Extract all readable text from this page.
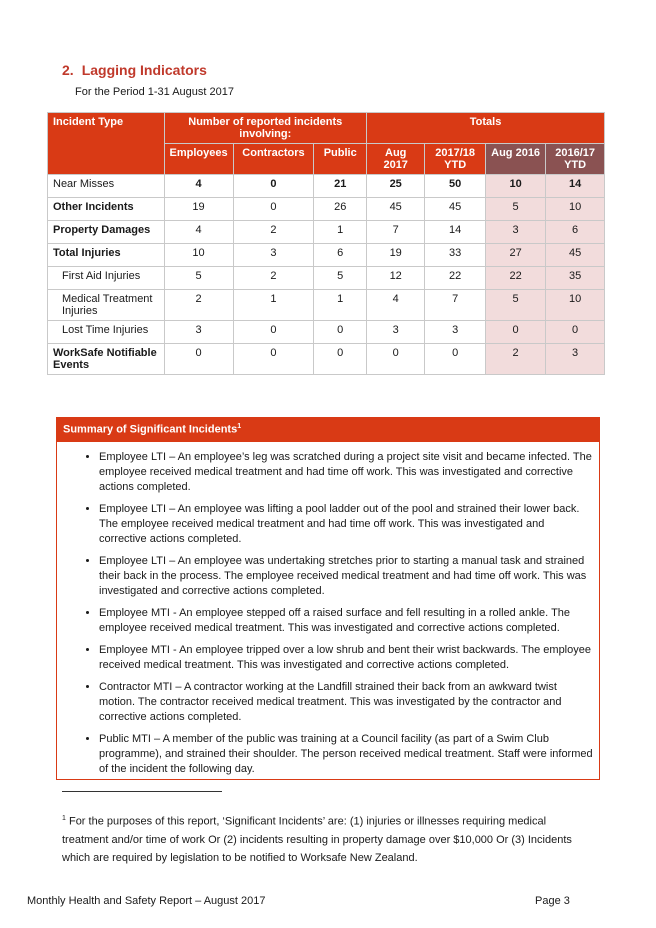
2. Lagging Indicators
For the Period 1-31 August 2017
Incident Type	Number of reported incidents involving:			Totals			
	Employees	Contractors	Public	Aug 2017	2017/18 YTD	Aug 2016	2016/17 YTD
Near Misses	4	0	21	25	50	10	14
Other Incidents	19	0	26	45	45	5	10
Property Damages	4	2	1	7	14	3	6
Total Injuries	10	3	6	19	33	27	45
First Aid Injuries	5	2	5	12	22	22	35
Medical Treatment Injuries	2	1	1	4	7	5	10
Lost Time Injuries	3	0	0	3	3	0	0
WorkSafe Notifiable Events	0	0	0	0	0	2	3
Summary of Significant Incidents$^1$
• Employee LTI – An employee’s leg was scratched during a project site visit and became infected. The employee received medical treatment and had time off work. This was investigated and corrective actions completed.
• Employee LTI – An employee was lifting a pool ladder out of the pool and strained their lower back. The employee received medical treatment and had time off work. This was investigated and corrective actions completed.
• Employee LTI – An employee was undertaking stretches prior to starting a manual task and strained their back in the process. The employee received medical treatment and had time off work. This was investigated and corrective actions completed.
• Employee MTI - An employee stepped off a raised surface and fell resulting in a rolled ankle. The employee received medical treatment. This was investigated and corrective actions completed.
• Employee MTI - An employee tripped over a low shrub and bent their wrist backwards. The employee received medical treatment. This was investigated and corrective actions completed.
• Contractor MTI – A contractor working at the Landfill strained their back from an awkward twist motion. The contractor received medical treatment. This was investigated by the contractor and corrective actions completed.
• Public MTI – A member of the public was training at a Council facility (as part of a Swim Club programme), and strained their shoulder. The person received medical treatment. Staff were informed of the incident the following day.
$^1$ For the purposes of this report, ‘Significant Incidents’ are: (1) injuries or illnesses requiring medical treatment and/or time of work Or (2) incidents resulting in property damage over $10,000 Or (3) Incidents which are required by legislation to be notified to Worksafe New Zealand.
Monthly Health and Safety Report – August 2017	Page 3
